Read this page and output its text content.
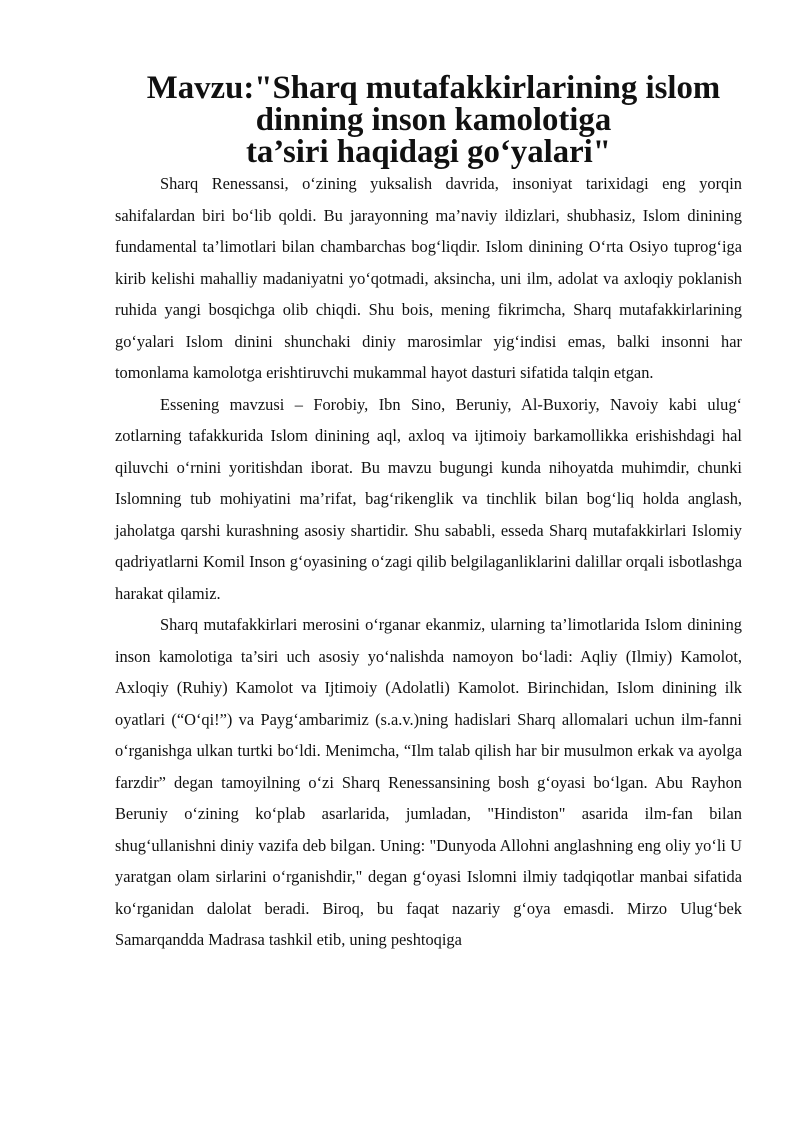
Mavzu:"Sharq mutafakkirlarining islom dinning inson kamolotiga
ta’siri haqidagi go‘yalari"

Sharq Renessansi, o‘zining yuksalish davrida, insoniyat tarixidagi eng yorqin sahifalardan biri bo‘lib qoldi. Bu jarayonning ma’naviy ildizlari, shubhasiz, Islom dinining fundamental ta’limotlari bilan chambarchas bog‘liqdir. Islom dinining O‘rta Osiyo tuprog‘iga kirib kelishi mahalliy madaniyatni yo‘qotmadi, aksincha, uni ilm, adolat va axloqiy poklanish ruhida yangi bosqichga olib chiqdi. Shu bois, mening fikrimcha, Sharq mutafakkirlarining go‘yalari Islom dinini shunchaki diniy marosimlar yig‘indisi emas, balki insonni har tomonlama kamolotga erishtiruvchi mukammal hayot dasturi sifatida talqin etgan.

Essening mavzusi – Forobiy, Ibn Sino, Beruniy, Al-Buxoriy, Navoiy kabi ulug‘ zotlarning tafakkurida Islom dinining aql, axloq va ijtimoiy barkamollikka erishishdagi hal qiluvchi o‘rnini yoritishdan iborat. Bu mavzu bugungi kunda nihoyatda muhimdir, chunki Islomning tub mohiyatini ma’rifat, bag‘rikenglik va tinchlik bilan bog‘liq holda anglash, jaholatga qarshi kurashning asosiy shartidir. Shu sababli, esseda Sharq mutafakkirlari Islomiy qadriyatlarni Komil Inson g‘oyasining o‘zagi qilib belgilaganliklarini dalillar orqali isbotlashga harakat qilamiz.

Sharq mutafakkirlari merosini o‘rganar ekanmiz, ularning ta’limotlarida Islom dinining inson kamolotiga ta’siri uch asosiy yo‘nalishda namoyon bo‘ladi: Aqliy (Ilmiy) Kamolot, Axloqiy (Ruhiy) Kamolot va Ijtimoiy (Adolatli) Kamolot. Birinchidan, Islom dinining ilk oyatlari (“O‘qi!”) va Payg‘ambarimiz (s.a.v.)ning hadislari Sharq allomalari uchun ilm-fanni o‘rganishga ulkan turtki bo‘ldi. Menimcha, “Ilm talab qilish har bir musulmon erkak va ayolga farzdir” degan tamoyilning o‘zi Sharq Renessansining bosh g‘oyasi bo‘lgan. Abu Rayhon Beruniy o‘zining ko‘plab asarlarida, jumladan, "Hindiston" asarida ilm-fan bilan shug‘ullanishni diniy vazifa deb bilgan. Uning: "Dunyoda Allohni anglashning eng oliy yo‘li U yaratgan olam sirlarini o‘rganishdir," degan g‘oyasi Islomni ilmiy tadqiqotlar manbai sifatida ko‘rganidan dalolat beradi. Biroq, bu faqat nazariy g‘oya emasdi. Mirzo Ulug‘bek Samarqandda Madrasa tashkil etib, uning peshtoqiga
